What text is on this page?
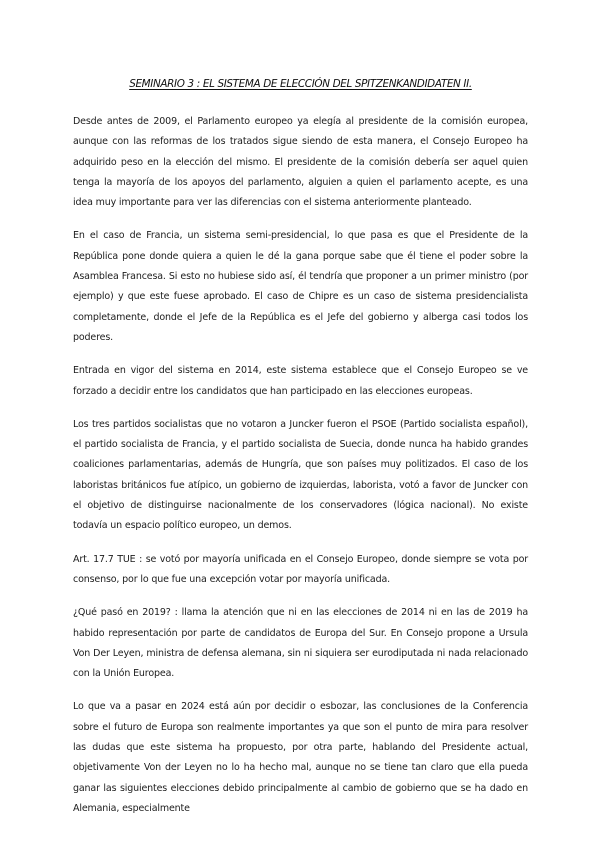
SEMINARIO 3 : EL SISTEMA DE ELECCIÓN DEL SPITZENKANDIDATEN II.

Desde antes de 2009, el Parlamento europeo ya elegía al presidente de la comisión europea, aunque con las reformas de los tratados sigue siendo de esta manera, el Consejo Europeo ha adquirido peso en la elección del mismo. El presidente de la comisión debería ser aquel quien tenga la mayoría de los apoyos del parlamento, alguien a quien el parlamento acepte, es una idea muy importante para ver las diferencias con el sistema anteriormente planteado.

En el caso de Francia, un sistema semi-presidencial, lo que pasa es que el Presidente de la República pone donde quiera a quien le dé la gana porque sabe que él tiene el poder sobre la Asamblea Francesa. Si esto no hubiese sido así, él tendría que proponer a un primer ministro (por ejemplo) y que este fuese aprobado. El caso de Chipre es un caso de sistema presidencialista completamente, donde el Jefe de la República es el Jefe del gobierno y alberga casi todos los poderes.

Entrada en vigor del sistema en 2014, este sistema establece que el Consejo Europeo se ve forzado a decidir entre los candidatos que han participado en las elecciones europeas.

Los tres partidos socialistas que no votaron a Juncker fueron el PSOE (Partido socialista español), el partido socialista de Francia, y el partido socialista de Suecia, donde nunca ha habido grandes coaliciones parlamentarias, además de Hungría, que son países muy politizados. El caso de los laboristas británicos fue atípico, un gobierno de izquierdas, laborista, votó a favor de Juncker con el objetivo de distinguirse nacionalmente de los conservadores (lógica nacional). No existe todavía un espacio político europeo, un demos.

Art. 17.7 TUE : se votó por mayoría unificada en el Consejo Europeo, donde siempre se vota por consenso, por lo que fue una excepción votar por mayoría unificada.

¿Qué pasó en 2019? : llama la atención que ni en las elecciones de 2014 ni en las de 2019 ha habido representación por parte de candidatos de Europa del Sur. En Consejo propone a Ursula Von Der Leyen, ministra de defensa alemana, sin ni siquiera ser eurodiputada ni nada relacionado con la Unión Europea.

Lo que va a pasar en 2024 está aún por decidir o esbozar, las conclusiones de la Conferencia sobre el futuro de Europa son realmente importantes ya que son el punto de mira para resolver las dudas que este sistema ha propuesto, por otra parte, hablando del Presidente actual, objetivamente Von der Leyen no lo ha hecho mal, aunque no se tiene tan claro que ella pueda ganar las siguientes elecciones debido principalmente al cambio de gobierno que se ha dado en Alemania, especialmente
